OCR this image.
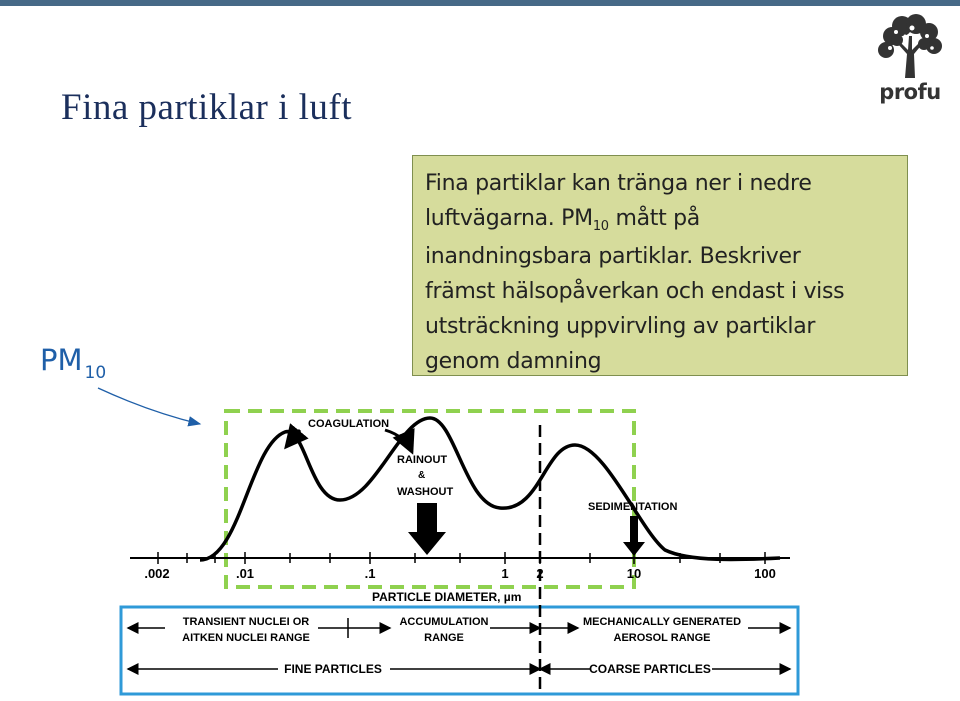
profu
Fina partiklar i luft
PM $_{10}$
Fina partiklar kan tränga ner i nedre
luftvägarna. $PM_{10}$ mått på
inandningsbara partiklar. Beskriver
främst hälsopåverkan och endast i viss
utsträckning uppvirvling av partiklar
genom damning
COAGULATION
RAINOUT
&
WASHOUT
SEDIMENTATION
.002	.01	.1	1 2	10	100
PARTICLE DIAMETER, µm
TRANSIENT NUCLEI OR
AITKEN NUCLEI RANGE
ACCUMULATION
RANGE
MECHANICALLY GENERATED
AEROSOL RANGE
FINE PARTICLES	COARSE PARTICLES
